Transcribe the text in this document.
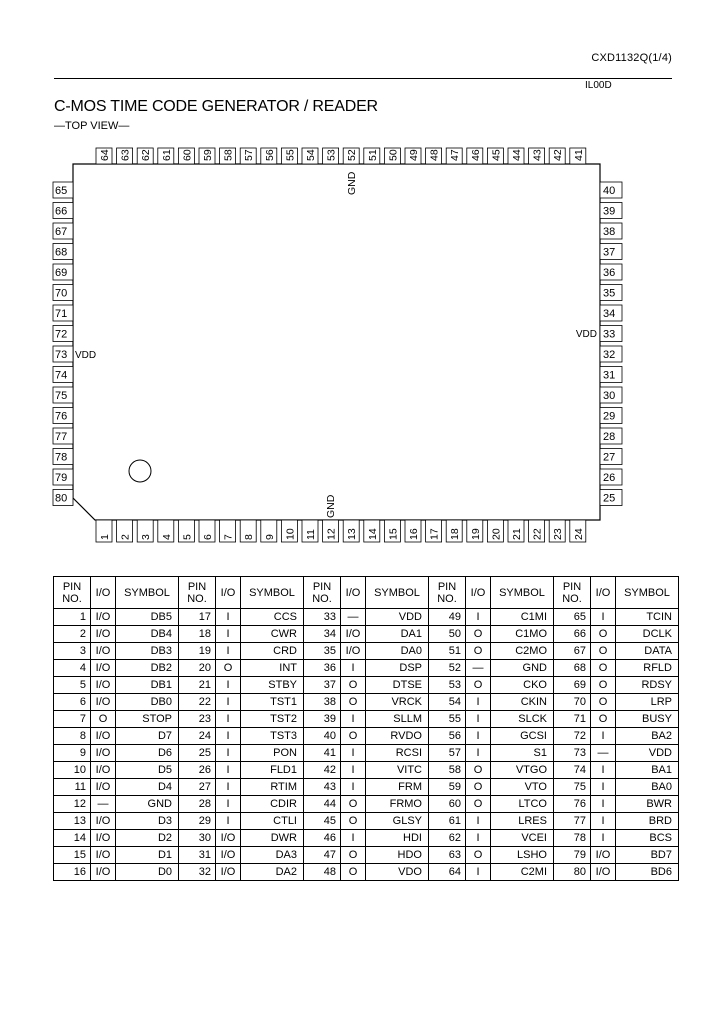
CXD1132Q(1/4)
IL00D
C-MOS TIME CODE GENERATOR / READER
—TOP VIEW—
64 63 62 61 60 59 58 57 56 55 54 53 52 51 50 49 48 47 46 45 44 43 42 41
1 2 3 4 5 6 7 8 9 10 11 12 13 14 15 16 17 18 19 20 21 22 23 24
65
66
67
68
69
70
71
72
73
74
75
76
77
78
79
80
40
39
38
37
36
35
34
33
32
31
30
29
28
27
26
25
GND
GND
VDD
VDD
PIN NO.	I/O	SYMBOL	PIN NO.	I/O	SYMBOL	PIN NO.	I/O	SYMBOL	PIN NO.	I/O	SYMBOL	PIN NO.	I/O	SYMBOL
1	I/O	DB5	17	I	CCS	33	—	VDD	49	I	C1MI	65	I	TCIN
2	I/O	DB4	18	I	CWR	34	I/O	DA1	50	O	C1MO	66	O	DCLK
3	I/O	DB3	19	I	CRD	35	I/O	DA0	51	O	C2MO	67	O	DATA
4	I/O	DB2	20	O	INT	36	I	DSP	52	—	GND	68	O	RFLD
5	I/O	DB1	21	I	STBY	37	O	DTSE	53	O	CKO	69	O	RDSY
6	I/O	DB0	22	I	TST1	38	O	VRCK	54	I	CKIN	70	O	LRP
7	O	STOP	23	I	TST2	39	I	SLLM	55	I	SLCK	71	O	BUSY
8	I/O	D7	24	I	TST3	40	O	RVDO	56	I	GCSI	72	I	BA2
9	I/O	D6	25	I	PON	41	I	RCSI	57	I	S1	73	—	VDD
10	I/O	D5	26	I	FLD1	42	I	VITC	58	O	VTGO	74	I	BA1
11	I/O	D4	27	I	RTIM	43	I	FRM	59	O	VTO	75	I	BA0
12	—	GND	28	I	CDIR	44	O	FRMO	60	O	LTCO	76	I	BWR
13	I/O	D3	29	I	CTLI	45	O	GLSY	61	I	LRES	77	I	BRD
14	I/O	D2	30	I/O	DWR	46	I	HDI	62	I	VCEI	78	I	BCS
15	I/O	D1	31	I/O	DA3	47	O	HDO	63	O	LSHO	79	I/O	BD7
16	I/O	D0	32	I/O	DA2	48	O	VDO	64	I	C2MI	80	I/O	BD6
